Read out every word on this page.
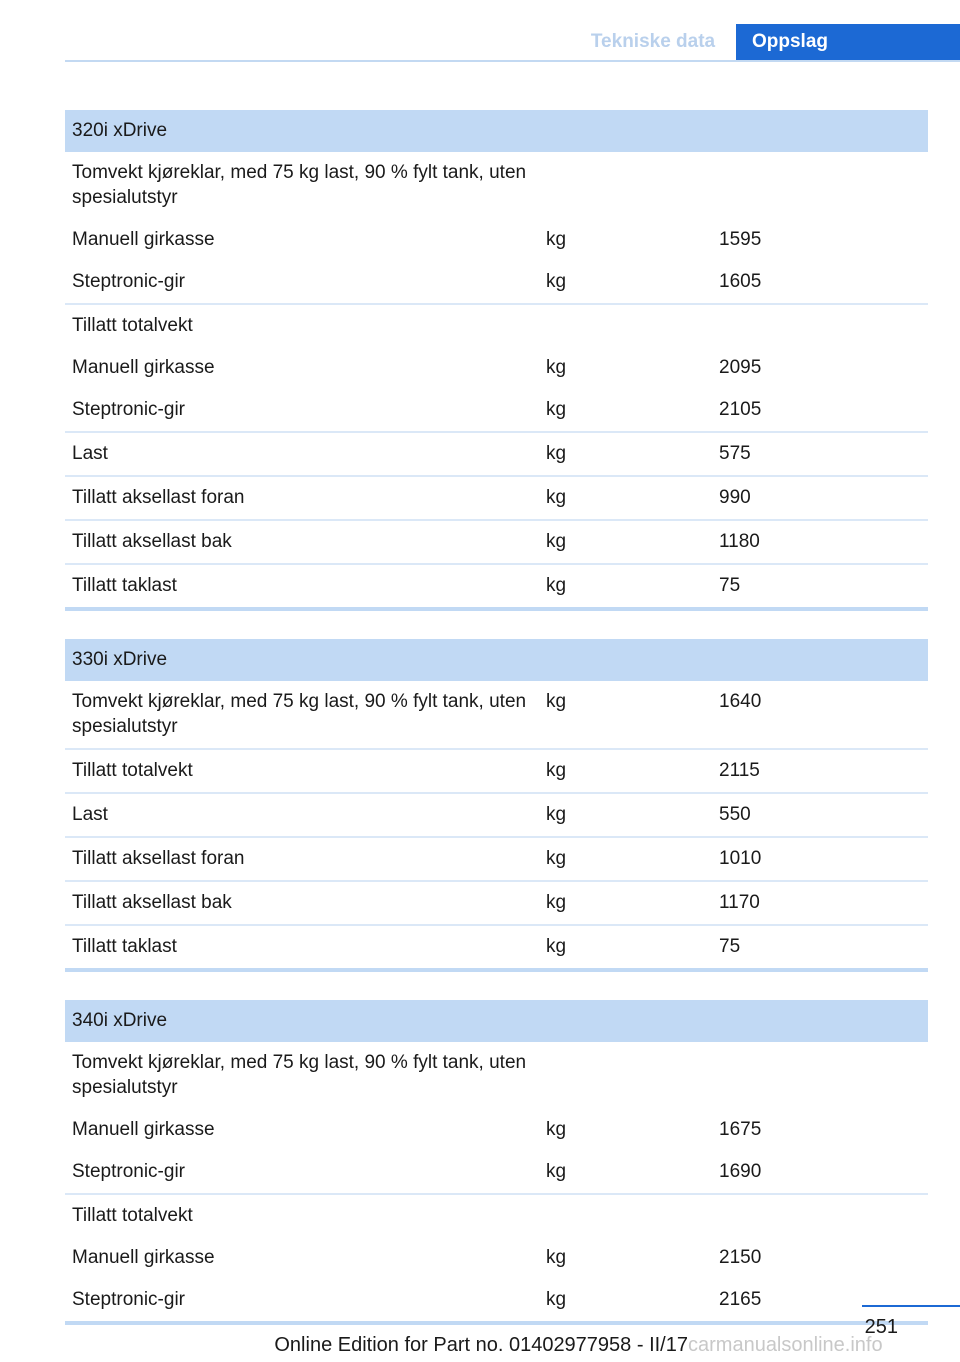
Tekniske data	Oppslag
320i xDrive		
Tomvekt kjøreklar, med 75 kg last, 90 % fylt tank, uten spesialutstyr		
Manuell girkasse	kg	1595
Steptronic-gir	kg	1605
Tillatt totalvekt		
Manuell girkasse	kg	2095
Steptronic-gir	kg	2105
Last	kg	575
Tillatt aksellast foran	kg	990
Tillatt aksellast bak	kg	1180
Tillatt taklast	kg	75

330i xDrive		
Tomvekt kjøreklar, med 75 kg last, 90 % fylt tank, uten spesialutstyr	kg	1640
Tillatt totalvekt	kg	2115
Last	kg	550
Tillatt aksellast foran	kg	1010
Tillatt aksellast bak	kg	1170
Tillatt taklast	kg	75

340i xDrive		
Tomvekt kjøreklar, med 75 kg last, 90 % fylt tank, uten spesialutstyr		
Manuell girkasse	kg	1675
Steptronic-gir	kg	1690
Tillatt totalvekt		
Manuell girkasse	kg	2150
Steptronic-gir	kg	2165

251
Online Edition for Part no. 01402977958 - II/17 carmanualsonline.info
